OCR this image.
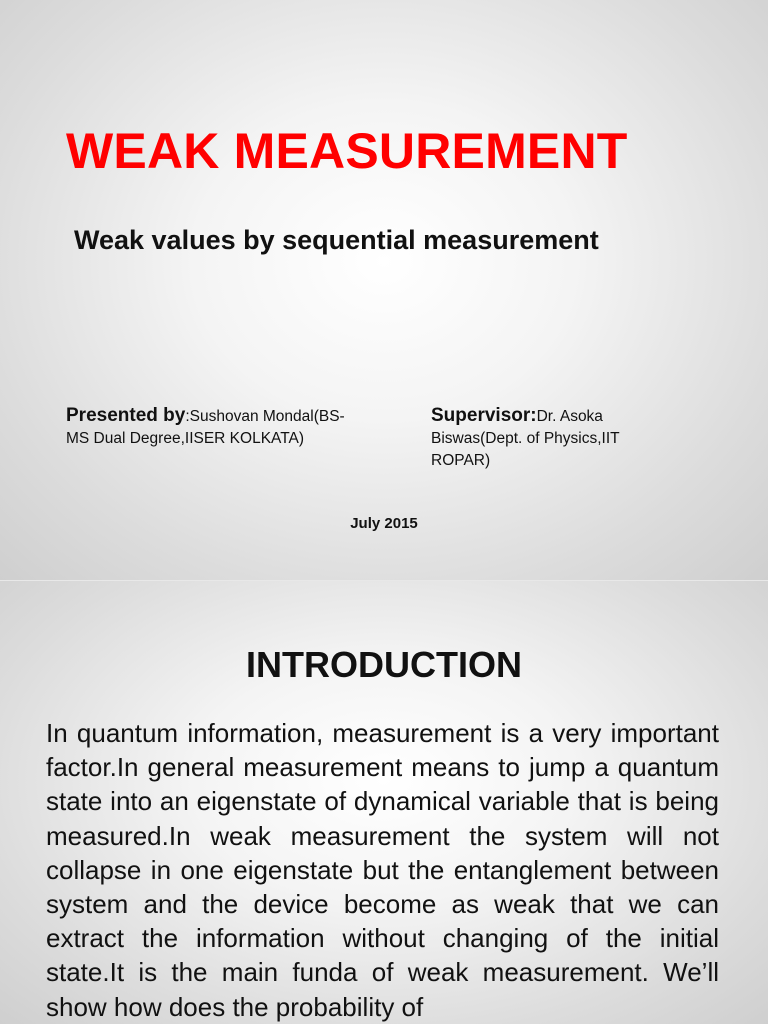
WEAK MEASUREMENT
Weak values by sequential measurement
Presented by:Sushovan Mondal(BS-MS Dual Degree,IISER KOLKATA)
Supervisor:Dr. Asoka Biswas(Dept. of Physics,IIT ROPAR)
July 2015
INTRODUCTION
In quantum information, measurement is a very important factor.In general measurement means to jump a quantum state into an eigenstate of dynamical variable that is being measured.In weak measurement the system will not collapse in one eigenstate but the entanglement between system and the device become as weak that we can extract the information without changing of the initial state.It is the main funda of weak measurement. We’ll show how does the probability of
